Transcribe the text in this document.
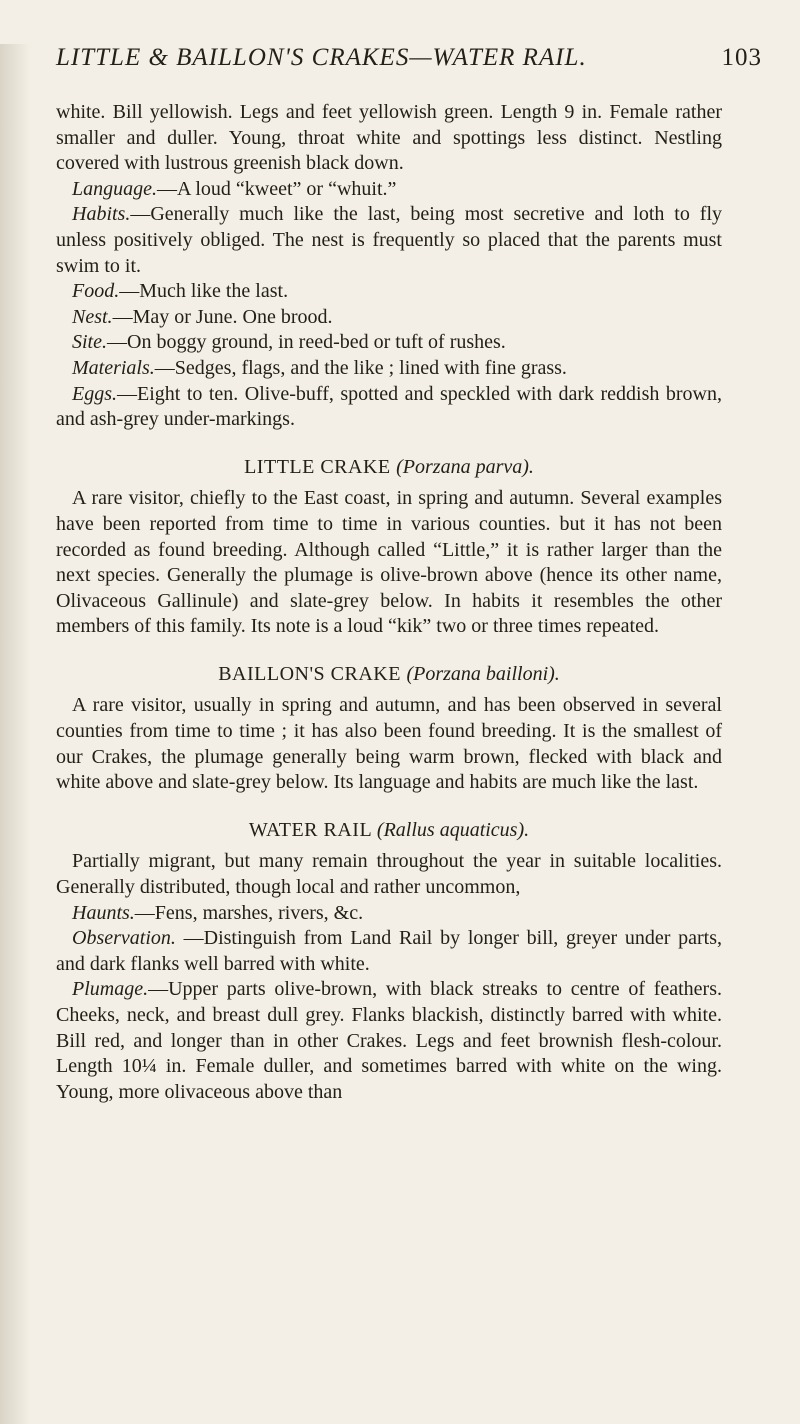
LITTLE & BAILLON'S CRAKES—WATER RAIL.	103

white. Bill yellowish. Legs and feet yellowish green. Length 9 in. Female rather smaller and duller. Young, throat white and spottings less distinct. Nestling covered with lustrous greenish black down.

Language.—A loud “kweet” or “whuit.”

Habits.—Generally much like the last, being most secretive and loth to fly unless positively obliged. The nest is frequently so placed that the parents must swim to it.

Food.—Much like the last.

Nest.—May or June. One brood.

Site.—On boggy ground, in reed-bed or tuft of rushes.

Materials.—Sedges, flags, and the like ; lined with fine grass.

Eggs.—Eight to ten. Olive-buff, spotted and speckled with dark reddish brown, and ash-grey under-markings.

LITTLE CRAKE (Porzana parva).

A rare visitor, chiefly to the East coast, in spring and autumn. Several examples have been reported from time to time in various counties. but it has not been recorded as found breeding. Although called “Little,” it is rather larger than the next species. Generally the plumage is olive-brown above (hence its other name, Olivaceous Gallinule) and slate-grey below. In habits it resembles the other members of this family. Its note is a loud “kik” two or three times repeated.

BAILLON'S CRAKE (Porzana bailloni).

A rare visitor, usually in spring and autumn, and has been observed in several counties from time to time ; it has also been found breeding. It is the smallest of our Crakes, the plumage generally being warm brown, flecked with black and white above and slate-grey below. Its language and habits are much like the last.

WATER RAIL (Rallus aquaticus).

Partially migrant, but many remain throughout the year in suitable localities. Generally distributed, though local and rather uncommon,

Haunts.—Fens, marshes, rivers, &c.

Observation. —Distinguish from Land Rail by longer bill, greyer under parts, and dark flanks well barred with white.

Plumage.—Upper parts olive-brown, with black streaks to centre of feathers. Cheeks, neck, and breast dull grey. Flanks blackish, distinctly barred with white. Bill red, and longer than in other Crakes. Legs and feet brownish flesh-colour. Length 10¼ in. Female duller, and sometimes barred with white on the wing. Young, more olivaceous above than
